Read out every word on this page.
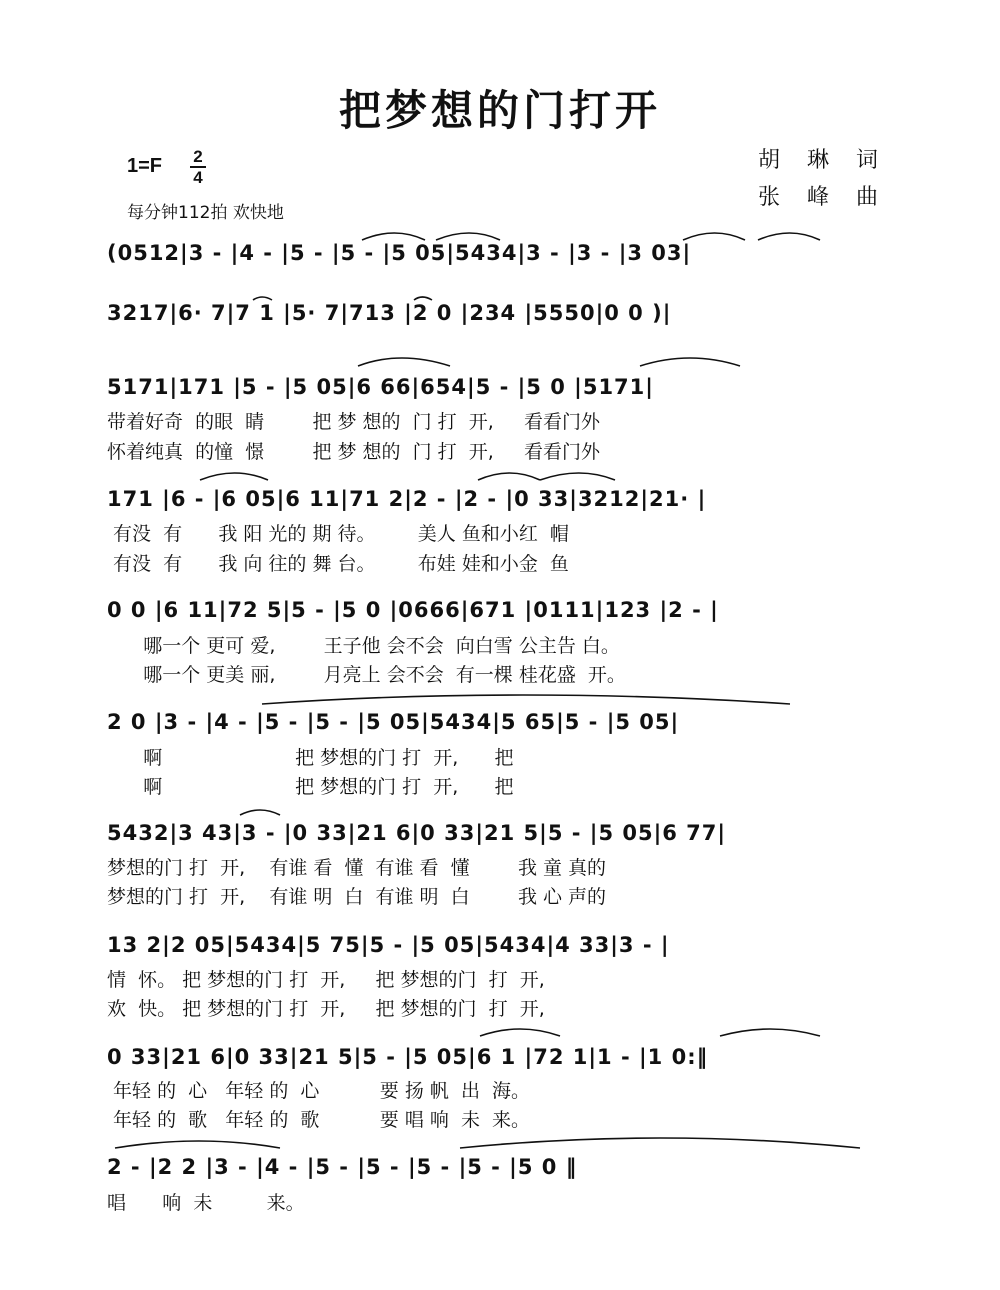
把梦想的门打开
1=F 2
4
每分钟112拍 欢快地
胡 琳 词
张 峰 曲
(0512|3 - |4 - |5 - |5 - |5 05|5434|3 - |3 - |3 03|
3217|6· 7|7 1 |5· 7|713 |2 0 |234 |5550|0 0 )|
5171|171 |5 - |5 05|6 66|654|5 - |5 0 |5171|
带着好奇  的眼  睛        把 梦 想的  门 打  开,     看看门外
怀着纯真  的憧  憬        把 梦 想的  门 打  开,     看看门外
171 |6 - |6 05|6 11|71 2|2 - |2 - |0 33|3212|21· |
有没  有      我 阳 光的 期 待。       美人 鱼和小红  帽
有没  有      我 向 往的 舞 台。       布娃 娃和小金  鱼
0 0 |6 11|72 5|5 - |5 0 |0666|671 |0111|123 |2 - |
哪一个 更可 爱,        王子他 会不会  向白雪 公主告 白。
哪一个 更美 丽,        月亮上 会不会  有一棵 桂花盛  开。
2 0 |3 - |4 - |5 - |5 - |5 05|5434|5 65|5 - |5 05|
啊                      把 梦想的门 打  开,      把
啊                      把 梦想的门 打  开,      把
5432|3 43|3 - |0 33|21 6|0 33|21 5|5 - |5 05|6 77|
梦想的门 打  开,    有谁 看  懂  有谁 看  懂        我 童 真的
梦想的门 打  开,    有谁 明  白  有谁 明  白        我 心 声的
13 2|2 05|5434|5 75|5 - |5 05|5434|4 33|3 - |
情  怀。 把 梦想的门 打  开,     把 梦想的门  打  开,
欢  快。 把 梦想的门 打  开,     把 梦想的门  打  开,
0 33|21 6|0 33|21 5|5 - |5 05|6 1 |72 1|1 - |1 0:‖
年轻 的  心   年轻 的  心          要 扬 帆  出  海。
年轻 的  歌   年轻 的  歌          要 唱 响  未  来。
2 - |2 2 |3 - |4 - |5 - |5 - |5 - |5 - |5 0 ‖
唱      响  未         来。
